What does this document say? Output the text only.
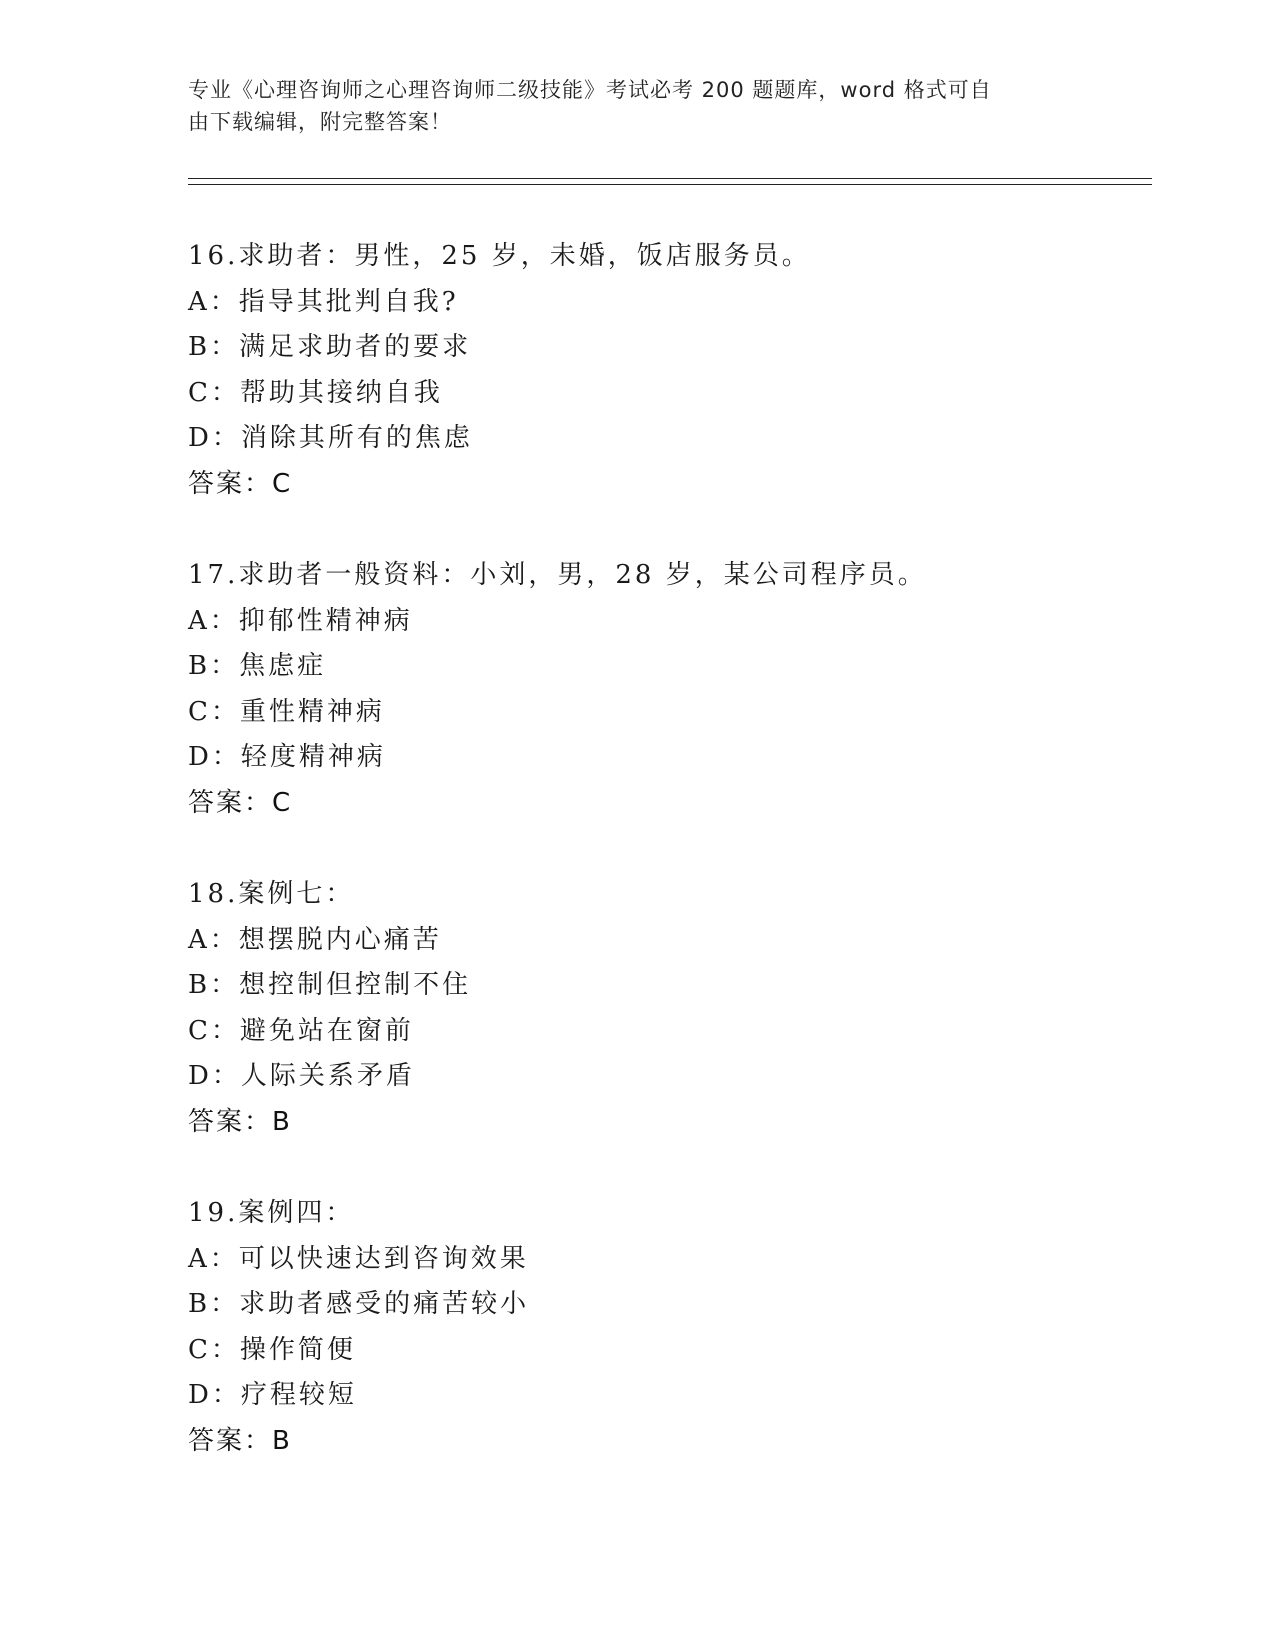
专业《心理咨询师之心理咨询师二级技能》考试必考 200 题题库，word 格式可自
由下载编辑，附完整答案！
16.求助者：男性，25 岁，未婚，饭店服务员。
A：指导其批判自我?
B：满足求助者的要求
C：帮助其接纳自我
D：消除其所有的焦虑
答案：C
17.求助者一般资料：小刘，男，28 岁，某公司程序员。
A：抑郁性精神病
B：焦虑症
C：重性精神病
D：轻度精神病
答案：C
18.案例七：
A：想摆脱内心痛苦
B：想控制但控制不住
C：避免站在窗前
D：人际关系矛盾
答案：B
19.案例四：
A：可以快速达到咨询效果
B：求助者感受的痛苦较小
C：操作简便
D：疗程较短
答案：B
